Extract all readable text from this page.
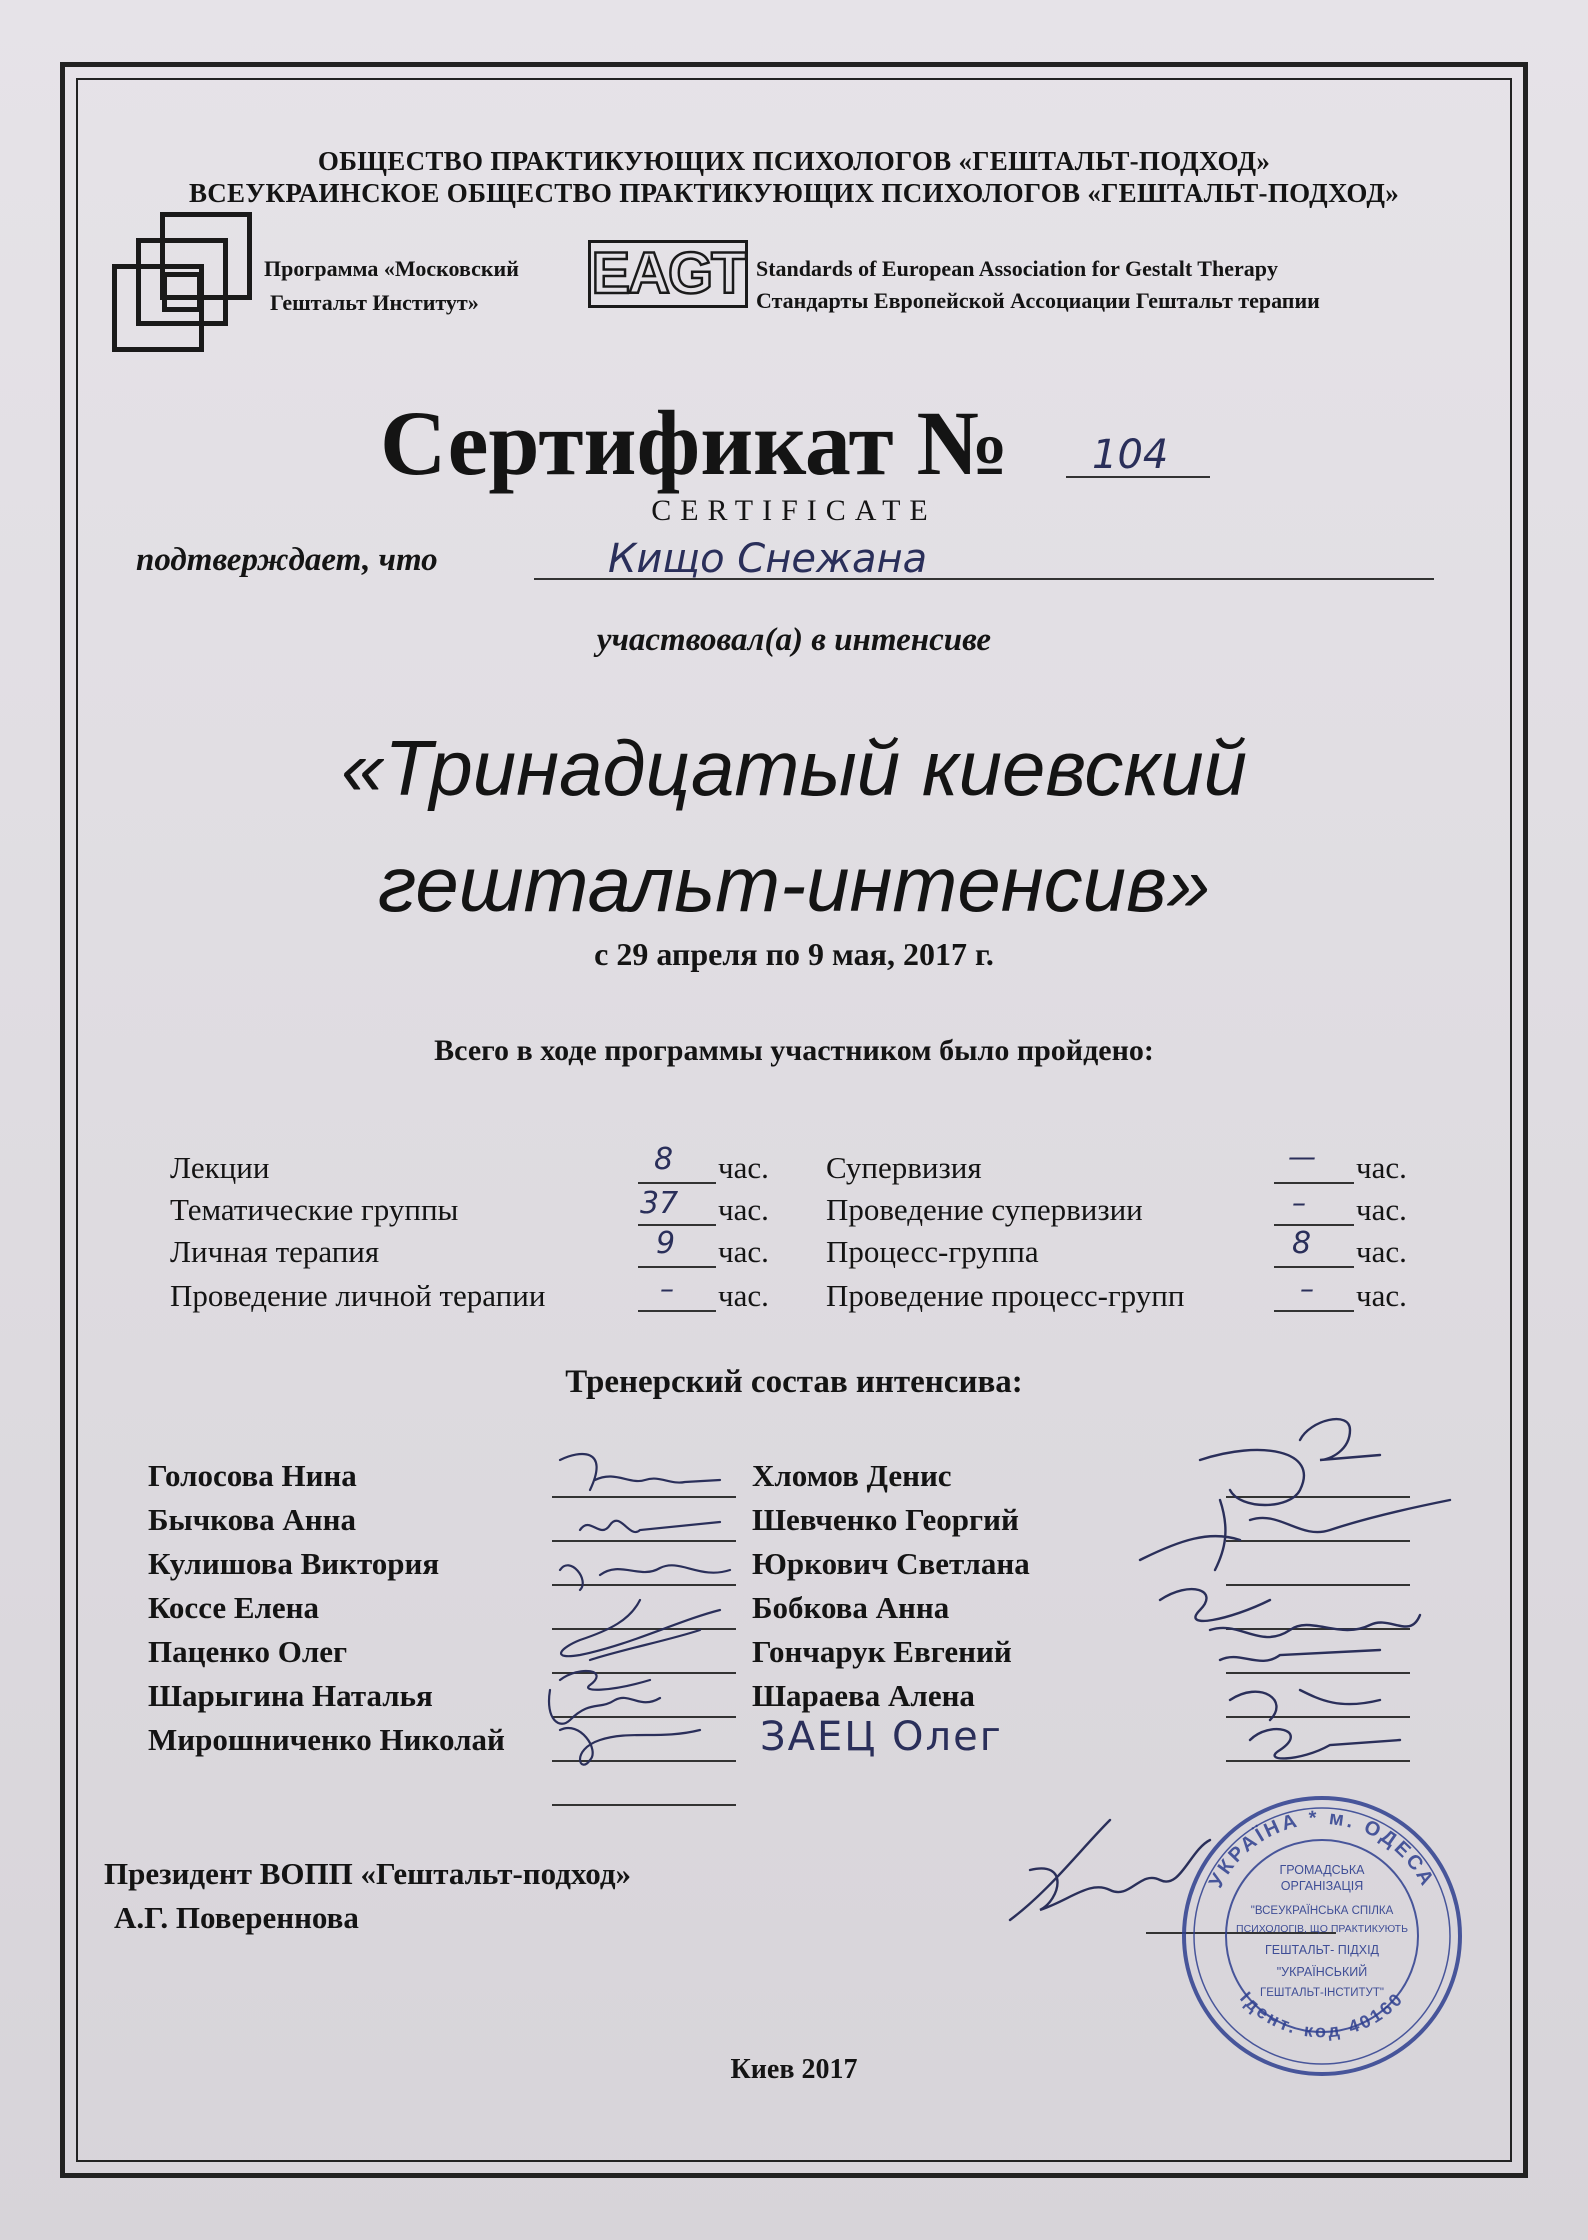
ОБЩЕСТВО ПРАКТИКУЮЩИХ ПСИХОЛОГОВ «ГЕШТАЛЬТ-ПОДХОД»
ВСЕУКРАИНСКОЕ ОБЩЕСТВО ПРАКТИКУЮЩИХ ПСИХОЛОГОВ «ГЕШТАЛЬТ-ПОДХОД»
Программа «Московский
Гештальт Институт» EAGT Standards of European Association for Gestalt Therapy
Стандарты Европейской Ассоциации Гештальт терапии
Сертификат № 104
CERTIFICATE
подтверждает, что	Кищо Снежана
участвовал(а) в интенсиве
«Тринадцатый киевский
гештальт-интенсив»
с 29 апреля по 9 мая, 2017 г.
Всего в ходе программы участником было пройдено:
Лекции
Тематические группы
Личная терапия
Проведение личной терапии
8
37
9
–
час.
час.
час.
час.
Супервизия
Проведение супервизии
Процесс-группа
Проведение процесс-групп
—
–
8
–
час.
час.
час.
час.
Тренерский состав интенсива:
Голосова Нина
Бычкова Анна
Кулишова Виктория
Коссе Елена
Паценко Олег
Шарыгина Наталья
Мирошниченко Николай
Хломов Денис
Шевченко Георгий
Юркович Светлана
Бобкова Анна
Гончарук Евгений
Шараева Алена
ЗАЕЦ Олег
Президент ВОПП «Гештальт-подход»
А.Г. Поверенновa
УКРАЇНА * м. ОДЕСА
Ідент. код 40160
ГРОМАДСЬКА
ОРГАНІЗАЦІЯ
"ВСЕУКРАЇНСЬКА СПІЛКА
ПСИХОЛОГІВ, ЩО ПРАКТИКУЮТЬ
ГЕШТАЛЬТ- ПІДХІД
"УКРАЇНСЬКИЙ
ГЕШТАЛЬТ-ІНСТИТУТ"
Киев 2017
